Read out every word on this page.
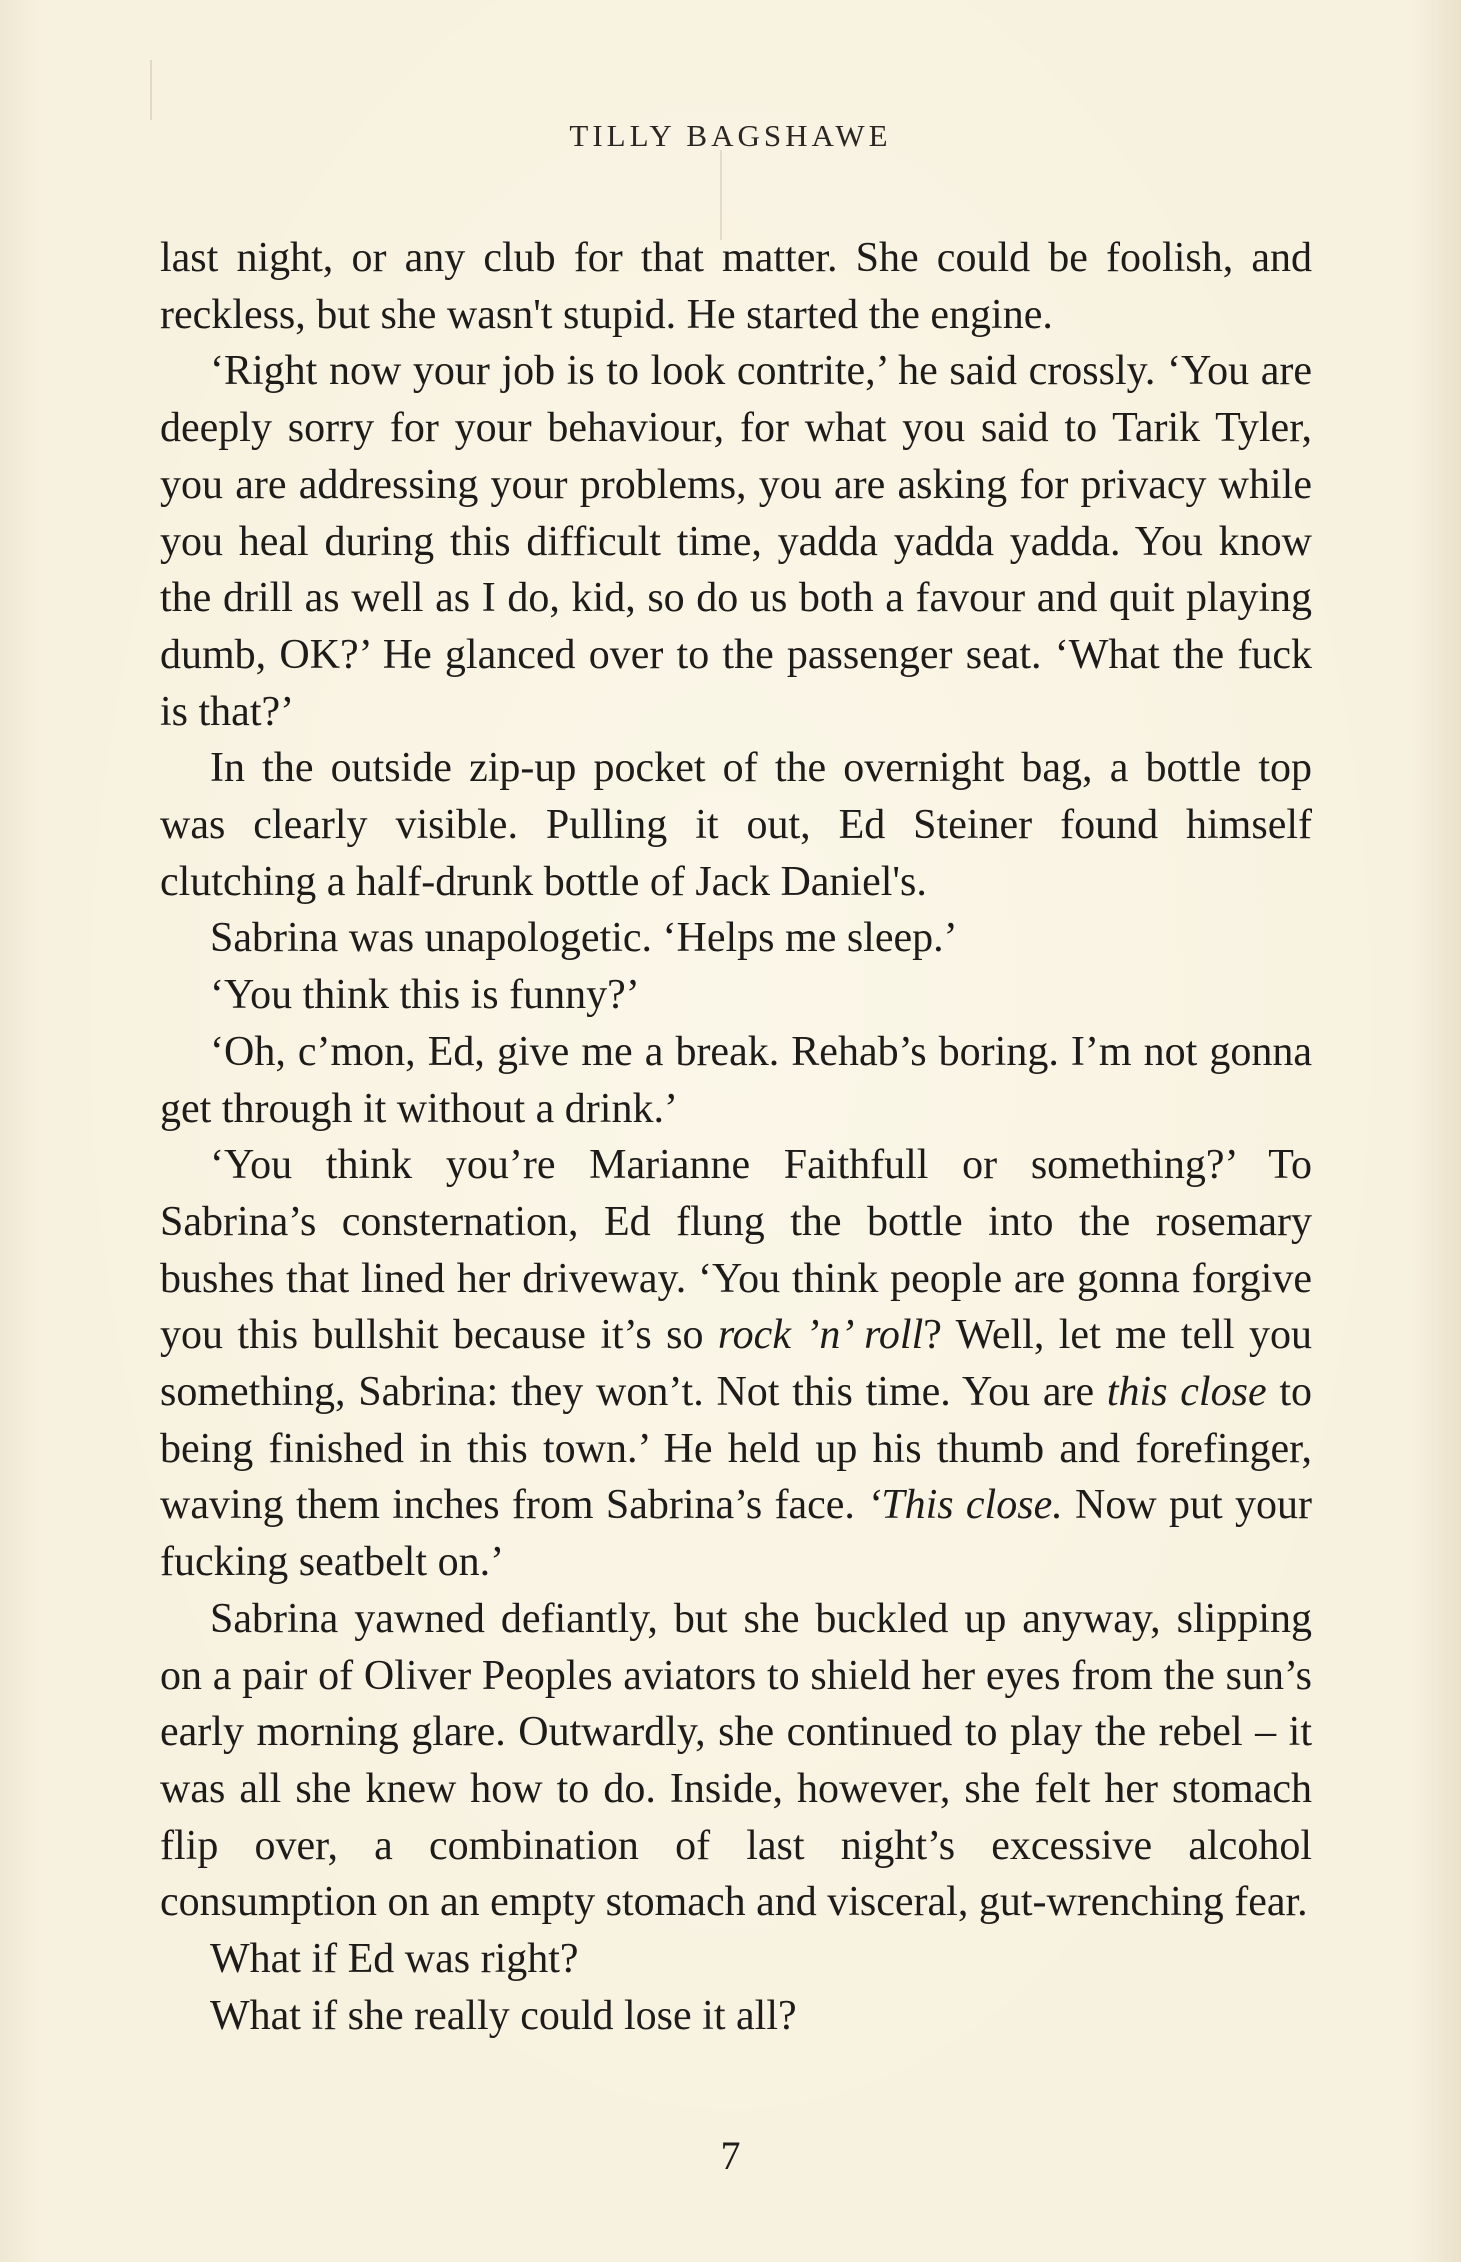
TILLY BAGSHAWE

last night, or any club for that matter. She could be foolish, and reckless, but she wasn't stupid. He started the engine.

‘Right now your job is to look contrite,’ he said crossly. ‘You are deeply sorry for your behaviour, for what you said to Tarik Tyler, you are addressing your problems, you are asking for privacy while you heal during this difficult time, yadda yadda yadda. You know the drill as well as I do, kid, so do us both a favour and quit playing dumb, OK?’ He glanced over to the passenger seat. ‘What the fuck is that?’

In the outside zip-up pocket of the overnight bag, a bottle top was clearly visible. Pulling it out, Ed Steiner found himself clutching a half-drunk bottle of Jack Daniel's.

Sabrina was unapologetic. ‘Helps me sleep.’

‘You think this is funny?’

‘Oh, c’mon, Ed, give me a break. Rehab’s boring. I’m not gonna get through it without a drink.’

‘You think you’re Marianne Faithfull or something?’ To Sabrina’s consternation, Ed flung the bottle into the rosemary bushes that lined her driveway. ‘You think people are gonna forgive you this bullshit because it’s so rock ’n’ roll? Well, let me tell you something, Sabrina: they won’t. Not this time. You are this close to being finished in this town.’ He held up his thumb and forefinger, waving them inches from Sabrina’s face. ‘This close. Now put your fucking seatbelt on.’

Sabrina yawned defiantly, but she buckled up anyway, slipping on a pair of Oliver Peoples aviators to shield her eyes from the sun’s early morning glare. Outwardly, she continued to play the rebel – it was all she knew how to do. Inside, however, she felt her stomach flip over, a combination of last night’s excessive alcohol consumption on an empty stomach and visceral, gut-wrenching fear.

What if Ed was right?

What if she really could lose it all?

7
